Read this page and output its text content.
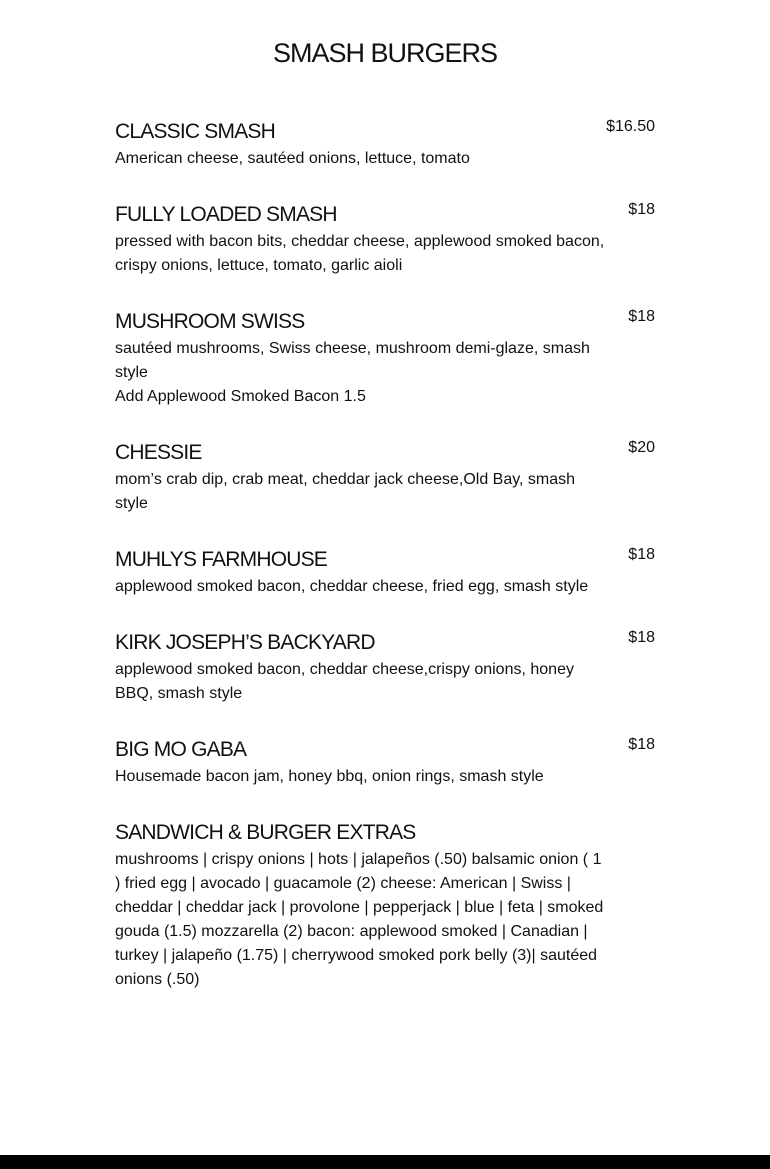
SMASH BURGERS
CLASSIC SMASH	$16.50

American cheese, sautéed onions, lettuce, tomato

FULLY LOADED SMASH	$18

pressed with bacon bits, cheddar cheese, applewood smoked bacon, crispy onions, lettuce, tomato, garlic aioli

MUSHROOM SWISS	$18

sautéed mushrooms, Swiss cheese, mushroom demi-glaze, smash style

Add Applewood Smoked Bacon 1.5

CHESSIE	$20

mom’s crab dip, crab meat, cheddar jack cheese,Old Bay, smash style

MUHLYS FARMHOUSE	$18

applewood smoked bacon, cheddar cheese, fried egg, smash style

KIRK JOSEPH’S BACKYARD	$18

applewood smoked bacon, cheddar cheese,crispy onions, honey BBQ, smash style

BIG MO GABA	$18

Housemade bacon jam, honey bbq, onion rings, smash style

SANDWICH & BURGER EXTRAS

mushrooms | crispy onions | hots | jalapeños (.50) balsamic onion ( 1 ) fried egg | avocado | guacamole (2) cheese: American | Swiss | cheddar | cheddar jack | provolone | pepperjack | blue | feta | smoked gouda (1.5) mozzarella (2) bacon: applewood smoked | Canadian | turkey | jalapeño (1.75) | cherrywood smoked pork belly (3)| sautéed onions (.50)
